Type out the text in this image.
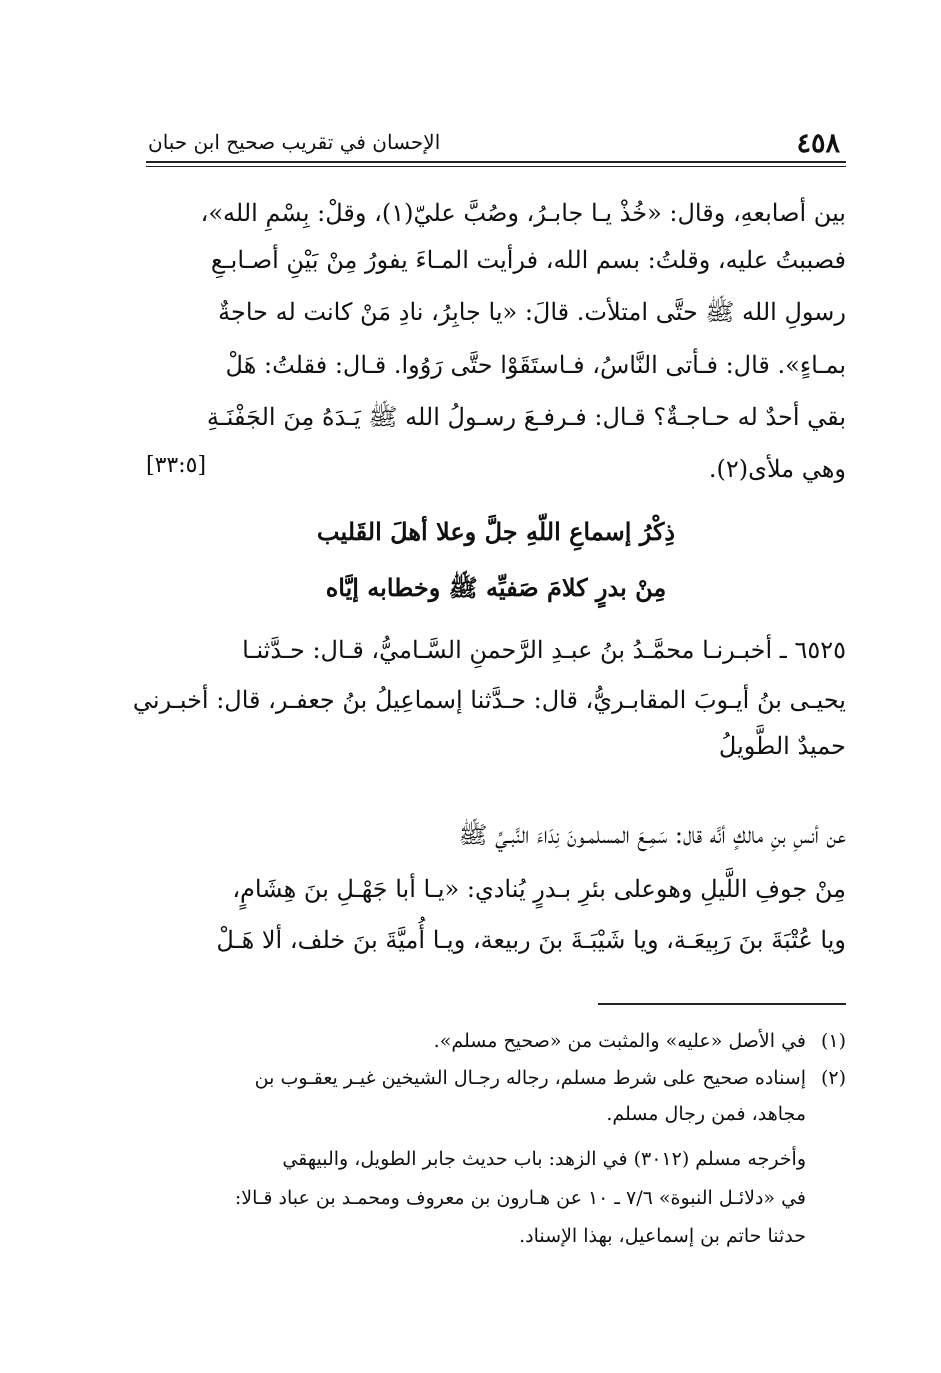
٤٥٨
الإحسان في تقريب صحيح ابن حبان
بين أصابعهِ، وقال: «خُذْ يـا جابـرُ، وصُبَّ عليّ(١)، وقلْ: بِسْمِ الله»،
فصببتُ عليه، وقلتُ: بسم الله، فرأيت المـاءَ يفورُ مِنْ بَيْنِ أصـابـعِ
رسولِ الله ﷺ حتَّى امتلأت. قالَ: «يا جابِرُ، نادِ مَنْ كانت له حاجةٌ
بمـاءٍ». قال: فـأتى النَّاسُ، فـاستَقَوْا حتَّى رَوُوا. قـال: فقلتُ: هَلْ
بقي أحدٌ له حـاجـةٌ؟ قـال: فـرفـعَ رسـولُ الله ﷺ يَـدَهُ مِنَ الجَفْنَـةِ
وهي ملأى(٢).
[٣٣:٥]
ذِكْرُ إسماعِ اللّهِ جلَّ وعلا أهلَ القَليب
مِنْ بدرٍ كلامَ صَفيِّه ﷺ وخطابه إيَّاه
٦٥٢٥ ـ أخبـرنـا محمَّـدُ بنُ عبـدِ الرَّحمنِ السَّـاميُّ، قـال: حـدَّثنـا
يحيـى بنُ أيـوبَ المقابـريُّ، قال: حـدَّثنا إسماعِيلُ بنُ جعفـر، قال: أخبـرني
حميدٌ الطَّويلُ
عن أنسِ بنِ مالكٍ أنَّه قال: سَمِـعَ المسلمـونَ نِدَاءَ النَّبـيِّ ﷺ
مِنْ جوفِ اللَّيلِ وهوعلى بئرِ بـدرٍ يُنادي: «يـا أبا جَهْـلِ بنَ هِشَامٍ،
ويا عُتْبَةَ بنَ رَبِيعَـة، ويا شَيْبَـةَ بنَ ربيعة، ويـا أُميَّةَ بنَ خلف، ألا هَـلْ
(١)في الأصل «عليه» والمثبت من «صحيح مسلم».
(٢)إسناده صحيح على شرط مسلم، رجاله رجـال الشيخين غيـر يعقـوب بن
مجاهد، فمن رجال مسلم.
وأخرجه مسلم (٣٠١٢) في الزهد: باب حديث جابر الطويل، والبيهقي
في «دلائـل النبوة» ٧/٦ ـ ١٠ عن هـارون بن معروف ومحمـد بن عباد قـالا:
حدثنا حاتم بن إسماعيل، بهذا الإسناد.
